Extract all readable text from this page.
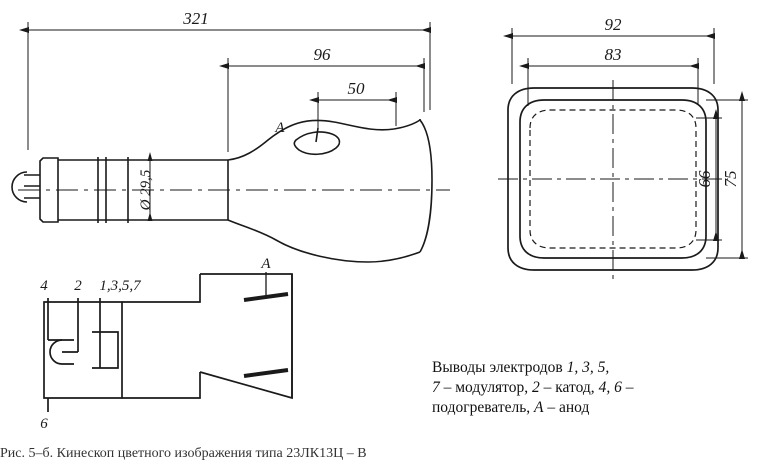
321
96
50
Ø 29,5
A
92
83
66 75
4 2 1,3,5,7
6
A
Выводы электродов 1, 3, 5,
7 – модулятор, 2 – катод, 4, 6 –
подогреватель, A – анод
Рис. 5–б. Кинескоп цветного изображения типа 23ЛК13Ц – В
